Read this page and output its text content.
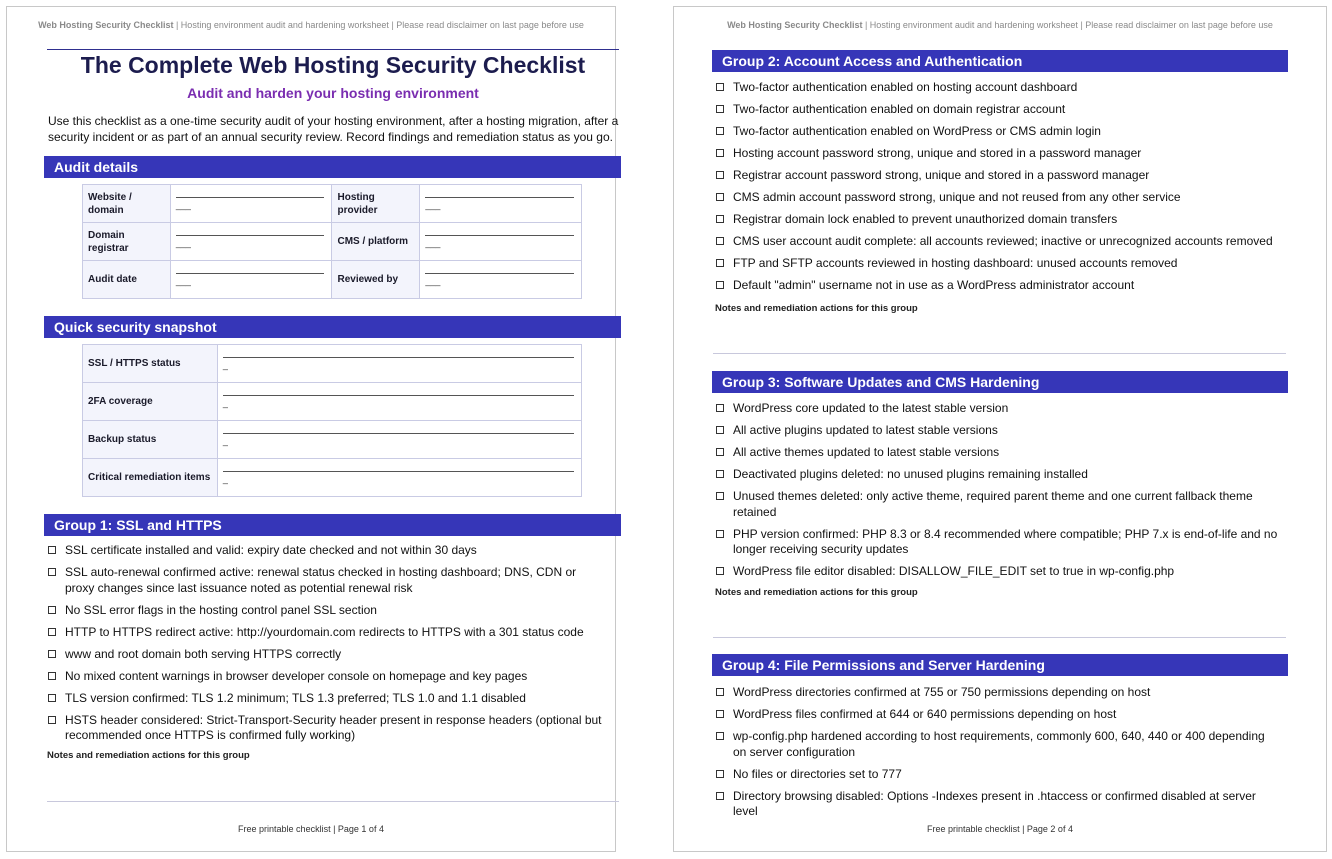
Web Hosting Security Checklist | Hosting environment audit and hardening worksheet | Please read disclaimer on last page before use
The Complete Web Hosting Security Checklist
Audit and harden your hosting environment
Use this checklist as a one-time security audit of your hosting environment, after a hosting migration, after a security incident or as part of an annual security review. Record findings and remediation status as you go.
Audit details
Website / domain	___	Hosting provider	___

Domain registrar	___	CMS / platform	___

Audit date	___	Reviewed by	___
Quick security snapshot
SSL / HTTPS status	_

2FA coverage	_

Backup status	_

Critical remediation items	_
Group 1: SSL and HTTPS
SSL certificate installed and valid: expiry date checked and not within 30 days
SSL auto-renewal confirmed active: renewal status checked in hosting dashboard; DNS, CDN or proxy changes since last issuance noted as potential renewal risk
No SSL error flags in the hosting control panel SSL section
HTTP to HTTPS redirect active: http://yourdomain.com redirects to HTTPS with a 301 status code
www and root domain both serving HTTPS correctly
No mixed content warnings in browser developer console on homepage and key pages
TLS version confirmed: TLS 1.2 minimum; TLS 1.3 preferred; TLS 1.0 and 1.1 disabled
HSTS header considered: Strict-Transport-Security header present in response headers (optional but recommended once HTTPS is confirmed fully working)
Notes and remediation actions for this group
Free printable checklist | Page 1 of 4
Web Hosting Security Checklist | Hosting environment audit and hardening worksheet | Please read disclaimer on last page before use
Group 2: Account Access and Authentication
Two-factor authentication enabled on hosting account dashboard
Two-factor authentication enabled on domain registrar account
Two-factor authentication enabled on WordPress or CMS admin login
Hosting account password strong, unique and stored in a password manager
Registrar account password strong, unique and stored in a password manager
CMS admin account password strong, unique and not reused from any other service
Registrar domain lock enabled to prevent unauthorized domain transfers
CMS user account audit complete: all accounts reviewed; inactive or unrecognized accounts removed
FTP and SFTP accounts reviewed in hosting dashboard: unused accounts removed
Default "admin" username not in use as a WordPress administrator account
Notes and remediation actions for this group
Group 3: Software Updates and CMS Hardening
WordPress core updated to the latest stable version
All active plugins updated to latest stable versions
All active themes updated to latest stable versions
Deactivated plugins deleted: no unused plugins remaining installed
Unused themes deleted: only active theme, required parent theme and one current fallback theme retained
PHP version confirmed: PHP 8.3 or 8.4 recommended where compatible; PHP 7.x is end-of-life and no longer receiving security updates
WordPress file editor disabled: DISALLOW_FILE_EDIT set to true in wp-config.php
Notes and remediation actions for this group
Group 4: File Permissions and Server Hardening
WordPress directories confirmed at 755 or 750 permissions depending on host
WordPress files confirmed at 644 or 640 permissions depending on host
wp-config.php hardened according to host requirements, commonly 600, 640, 440 or 400 depending on server configuration
No files or directories set to 777
Directory browsing disabled: Options -Indexes present in .htaccess or confirmed disabled at server level
Free printable checklist | Page 2 of 4
